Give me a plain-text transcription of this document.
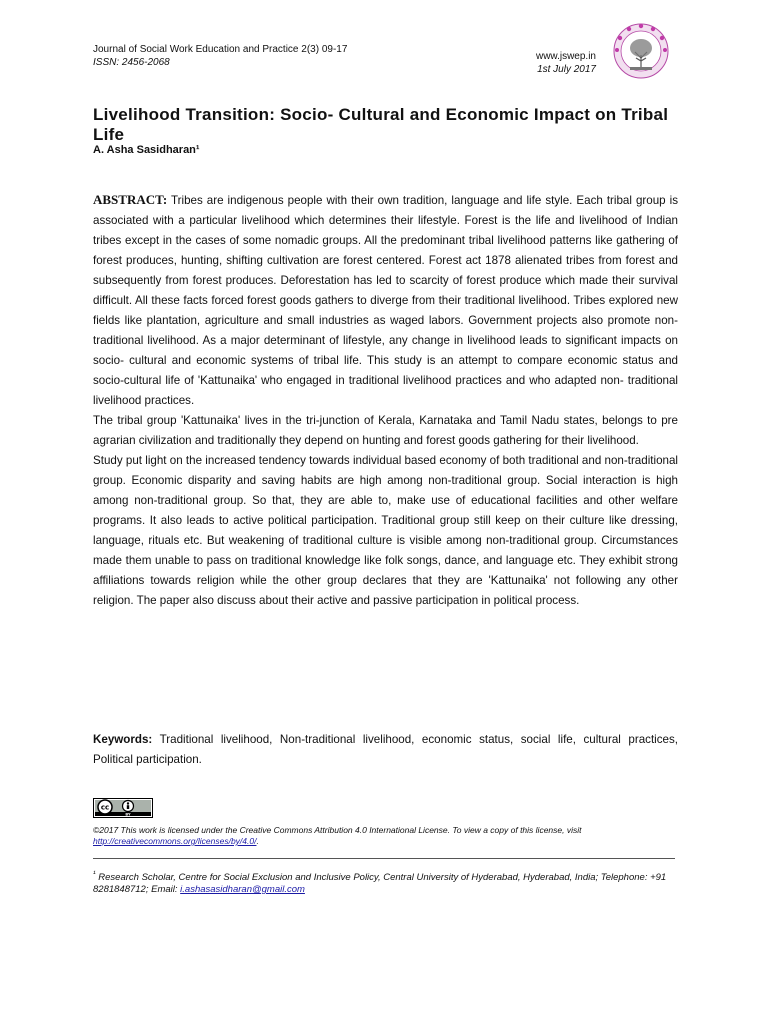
Journal of Social Work Education and Practice 2(3) 09-17
ISSN: 2456-2068
www.jswep.in
1st July 2017
Livelihood Transition: Socio- Cultural and Economic Impact on Tribal Life
A. Asha Sasidharan¹

ABSTRACT: Tribes are indigenous people with their own tradition, language and life style. Each tribal group is associated with a particular livelihood which determines their lifestyle. Forest is the life and livelihood of Indian tribes except in the cases of some nomadic groups. All the predominant tribal livelihood patterns like gathering of forest produces, hunting, shifting cultivation are forest centered. Forest act 1878 alienated tribes from forest and subsequently from forest produces. Deforestation has led to scarcity of forest produce which made their survival difficult. All these facts forced forest goods gathers to diverge from their traditional livelihood. Tribes explored new fields like plantation, agriculture and small industries as waged labors. Government projects also promote non-traditional livelihood. As a major determinant of lifestyle, any change in livelihood leads to significant impacts on socio- cultural and economic systems of tribal life. This study is an attempt to compare economic status and socio-cultural life of 'Kattunaika' who engaged in traditional livelihood practices and who adapted non- traditional livelihood practices.

The tribal group 'Kattunaika' lives in the tri-junction of Kerala, Karnataka and Tamil Nadu states, belongs to pre agrarian civilization and traditionally they depend on hunting and forest goods gathering for their livelihood.

Study put light on the increased tendency towards individual based economy of both traditional and non-traditional group. Economic disparity and saving habits are high among non-traditional group. Social interaction is high among non-traditional group. So that, they are able to, make use of educational facilities and other welfare programs. It also leads to active political participation. Traditional group still keep on their culture like dressing, language, rituals etc. But weakening of traditional culture is visible among non-traditional group. Circumstances made them unable to pass on traditional knowledge like folk songs, dance, and language etc. They exhibit strong affiliations towards religion while the other group declares that they are 'Kattunaika' not following any other religion. The paper also discuss about their active and passive participation in political process.

Keywords: Traditional livelihood, Non-traditional livelihood, economic status, social life, cultural practices, Political participation.
cc
BY
©2017 This work is licensed under the Creative Commons Attribution 4.0 International License. To view a copy of this license, visit http://creativecommons.org/licenses/by/4.0/.
$^{^1}$ Research Scholar, Centre for Social Exclusion and Inclusive Policy, Central University of Hyderabad, Hyderabad, India; Telephone: +91 8281848712; Email: i.ashasasidharan@gmail.com
